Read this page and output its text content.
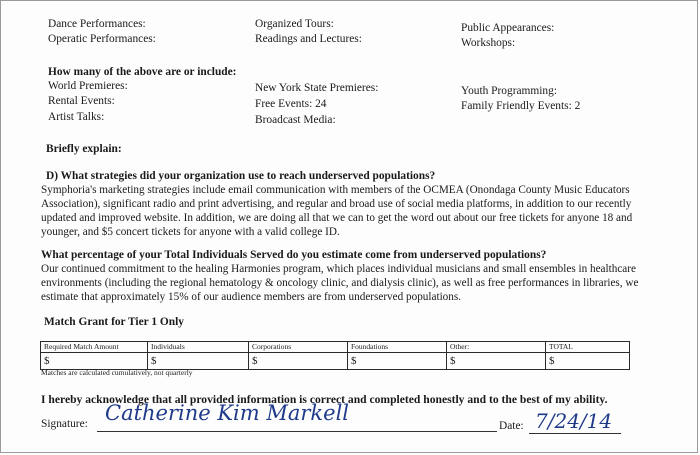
Dance Performances:
Operatic Performances:
Organized Tours:
Readings and Lectures:
Public Appearances:
Workshops:
How many of the above are or include:
World Premieres:
Rental Events:
Artist Talks:
New York State Premieres:
Free Events: 24
Broadcast Media:
Youth Programming:
Family Friendly Events: 2
Briefly explain:
D) What strategies did your organization use to reach underserved populations?
Symphoria's marketing strategies include email communication with members of the OCMEA (Onondaga County Music Educators Association), significant radio and print advertising, and regular and broad use of social media platforms, in addition to our recently updated and improved website. In addition, we are doing all that we can to get the word out about our free tickets for anyone 18 and younger, and $5 concert tickets for anyone with a valid college ID.
What percentage of your Total Individuals Served do you estimate come from underserved populations?
Our continued commitment to the healing Harmonies program, which places individual musicians and small ensembles in healthcare environments (including the regional hematology & oncology clinic, and dialysis clinic), as well as free performances in libraries, we estimate that approximately 15% of our audience members are from underserved populations.
Match Grant for Tier 1 Only
Required Match Amount	Individuals	Corporations	Foundations	Other:	TOTAL
$	$	$	$	$	$
Matches are calculated cumulatively, not quarterly
I hereby acknowledge that all provided information is correct and completed honestly and to the best of my ability.
Signature: Catherine Kim Markell
Date: 7/24/14
